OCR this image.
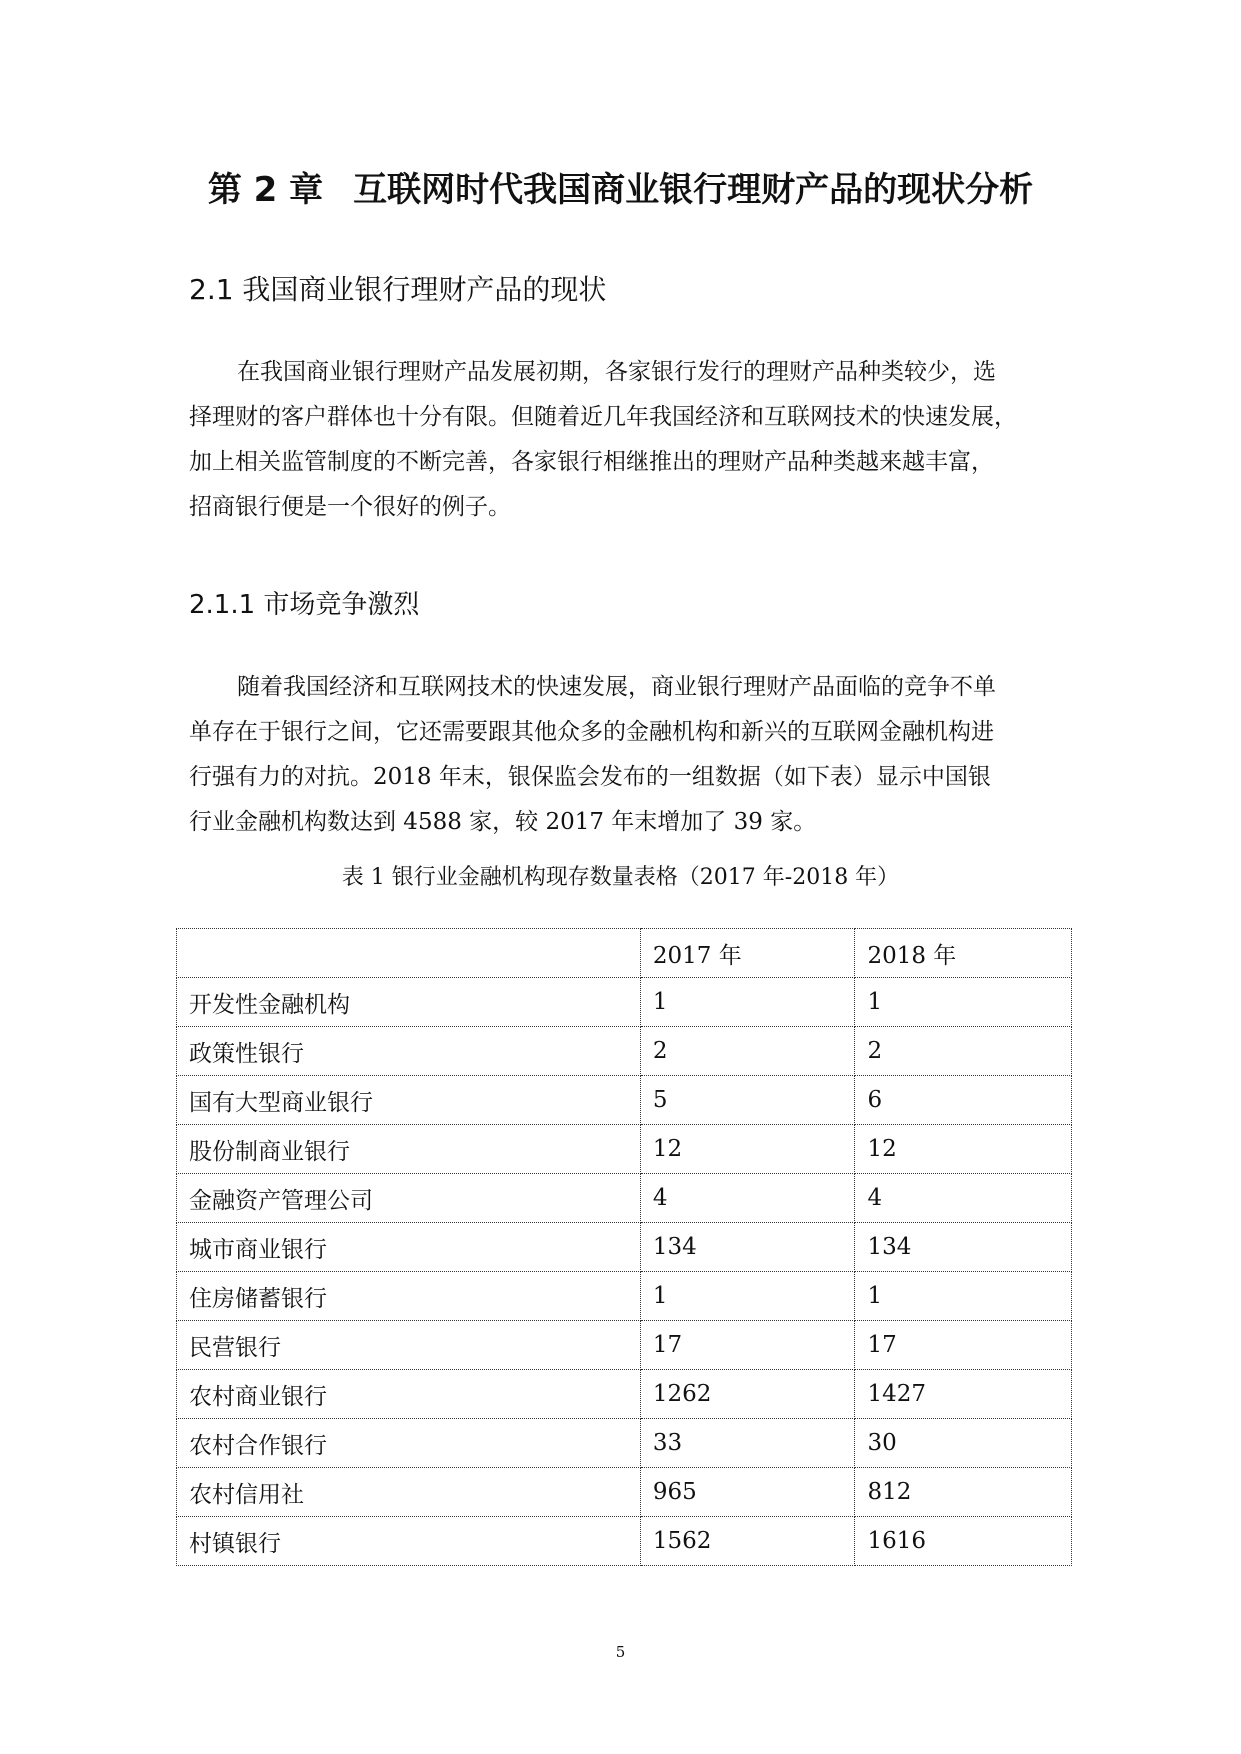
第 2 章 互联网时代我国商业银行理财产品的现状分析
2.1 我国商业银行理财产品的现状
在我国商业银行理财产品发展初期，各家银行发行的理财产品种类较少，选
择理财的客户群体也十分有限。但随着近几年我国经济和互联网技术的快速发展，
加上相关监管制度的不断完善，各家银行相继推出的理财产品种类越来越丰富，
招商银行便是一个很好的例子。
2.1.1 市场竞争激烈
随着我国经济和互联网技术的快速发展，商业银行理财产品面临的竞争不单
单存在于银行之间，它还需要跟其他众多的金融机构和新兴的互联网金融机构进
行强有力的对抗。2018 年末，银保监会发布的一组数据（如下表）显示中国银
行业金融机构数达到 4588 家，较 2017 年末增加了 39 家。
表 1 银行业金融机构现存数量表格（2017 年-2018 年）
	2017 年	2018 年
开发性金融机构	1	1
政策性银行	2	2
国有大型商业银行	5	6
股份制商业银行	12	12
金融资产管理公司	4	4
城市商业银行	134	134
住房储蓄银行	1	1
民营银行	17	17
农村商业银行	1262	1427
农村合作银行	33	30
农村信用社	965	812
村镇银行	1562	1616
5
